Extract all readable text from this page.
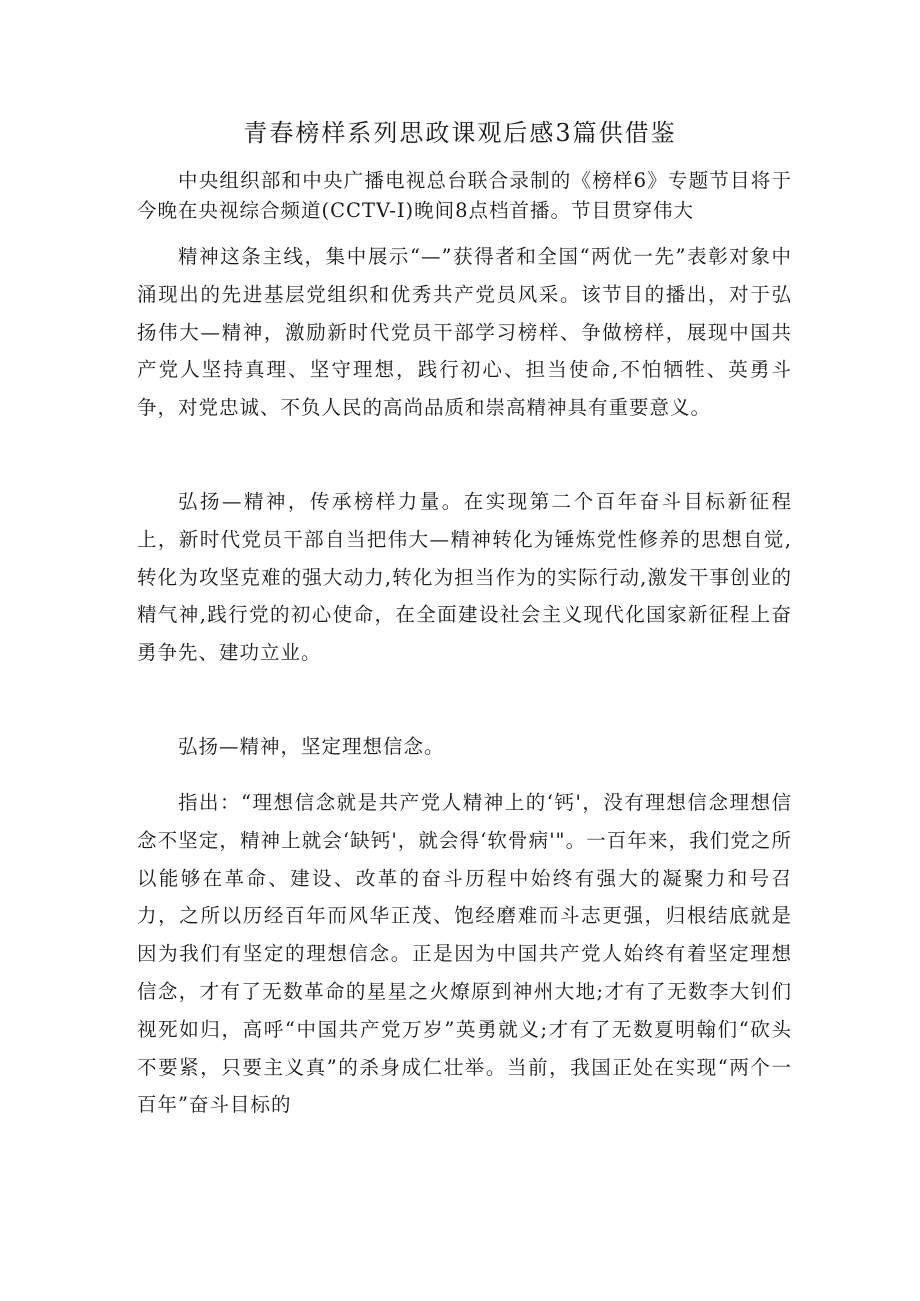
青春榜样系列思政课观后感3篇供借鉴

中央组织部和中央广播电视总台联合录制的《榜样6》专题节目将于今晚在央视综合频道(CCTV-I)晚间8点档首播。节目贯穿伟大

精神这条主线，集中展示“—”获得者和全国“两优一先”表彰对象中涌现出的先进基层党组织和优秀共产党员风采。该节目的播出，对于弘扬伟大—精神，激励新时代党员干部学习榜样、争做榜样，展现中国共产党人坚持真理、坚守理想，践行初心、担当使命,不怕牺牲、英勇斗争，对党忠诚、不负人民的高尚品质和崇高精神具有重要意义。

弘扬—精神，传承榜样力量。在实现第二个百年奋斗目标新征程上，新时代党员干部自当把伟大—精神转化为锤炼党性修养的思想自觉,转化为攻坚克难的强大动力,转化为担当作为的实际行动,激发干事创业的精气神,践行党的初心使命，在全面建设社会主义现代化国家新征程上奋勇争先、建功立业。

弘扬—精神，坚定理想信念。

指出：“理想信念就是共产党人精神上的‘钙'，没有理想信念理想信念不坚定，精神上就会‘缺钙'，就会得‘软骨病'"。一百年来，我们党之所以能够在革命、建设、改革的奋斗历程中始终有强大的凝聚力和号召力，之所以历经百年而风华正茂、饱经磨难而斗志更强，归根结底就是因为我们有坚定的理想信念。正是因为中国共产党人始终有着坚定理想信念，才有了无数革命的星星之火燎原到神州大地;才有了无数李大钊们视死如归，高呼“中国共产党万岁”英勇就义;才有了无数夏明翰们“砍头不要紧，只要主义真”的杀身成仁壮举。当前，我国正处在实现“两个一百年”奋斗目标的
